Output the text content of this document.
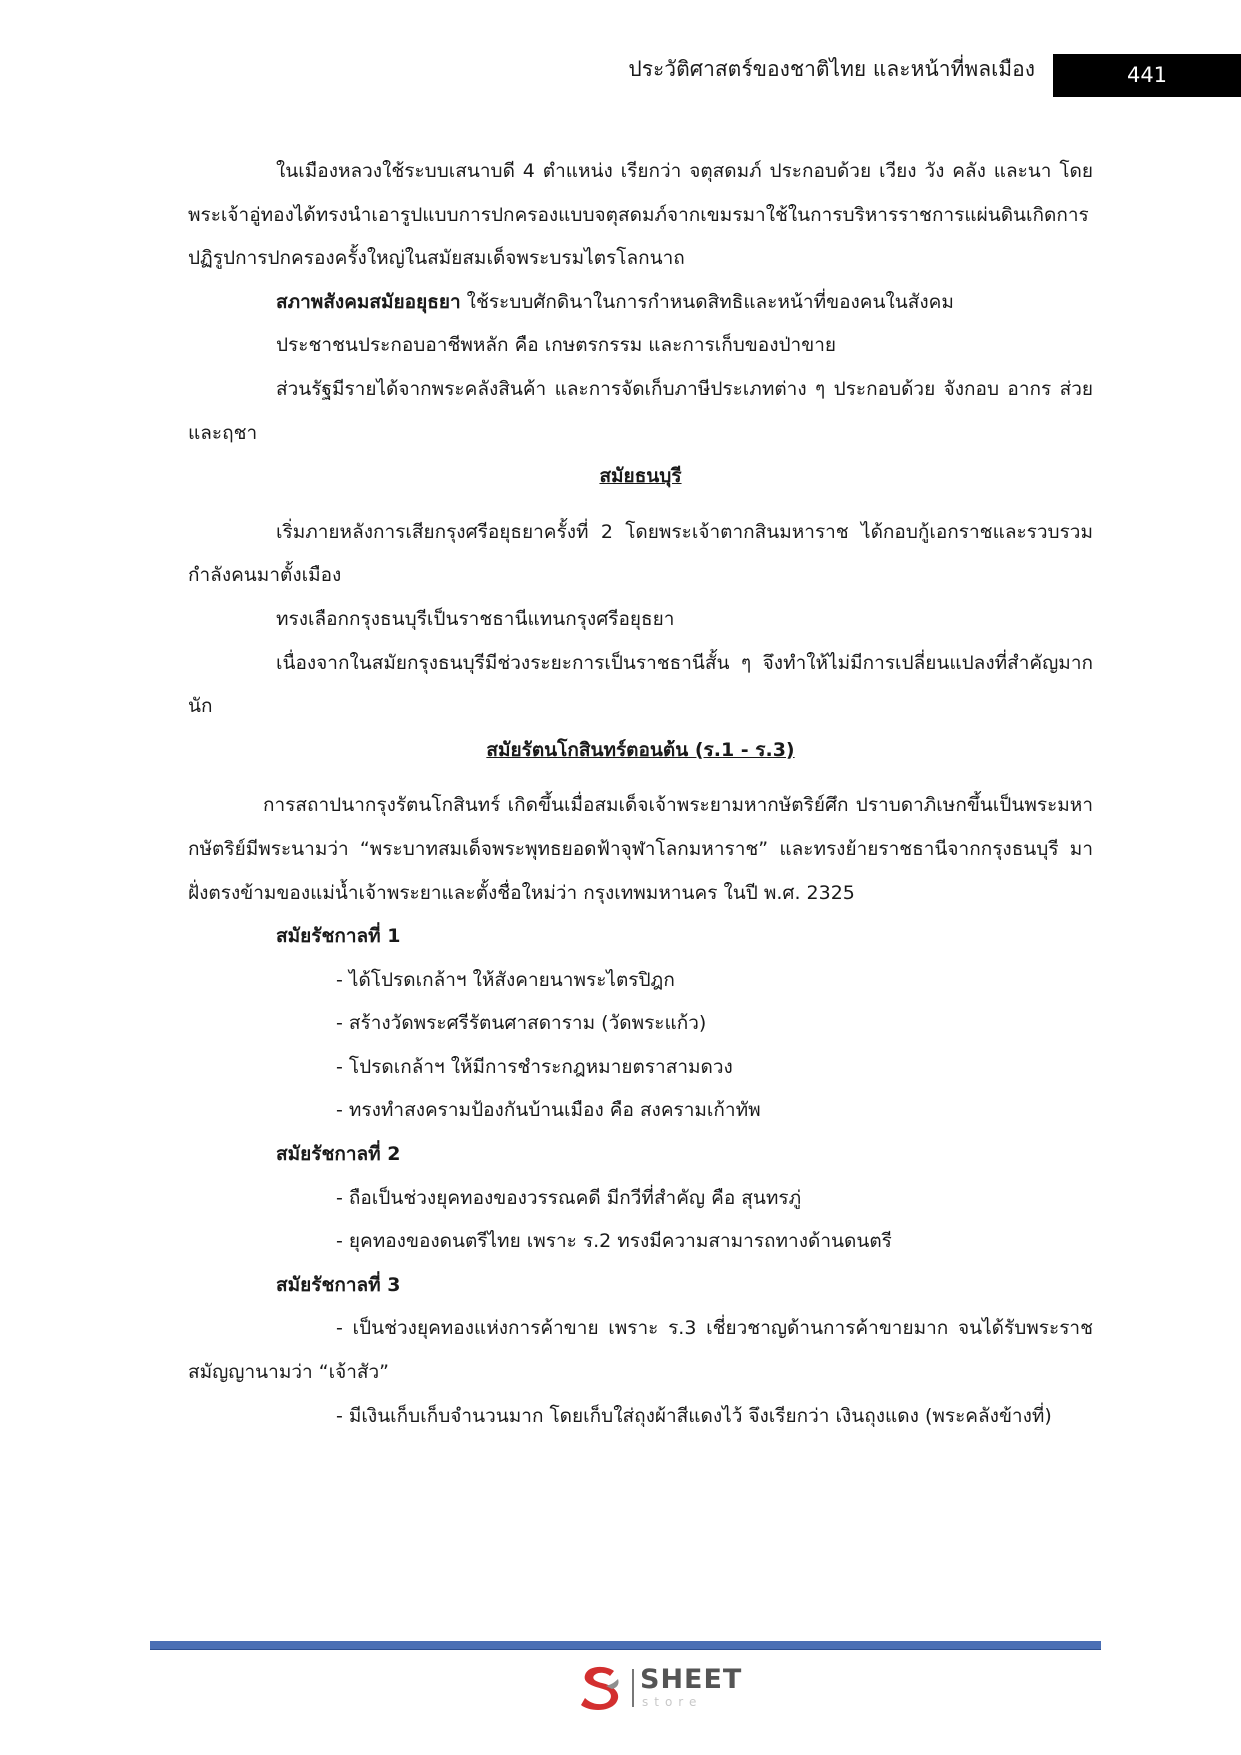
ประวัติศาสตร์ของชาติไทย และหน้าที่พลเมือง	441

ในเมืองหลวงใช้ระบบเสนาบดี 4 ตำแหน่ง เรียกว่า จตุสดมภ์ ประกอบด้วย เวียง วัง คลัง และนา โดยพระเจ้าอู่ทองได้ทรงนำเอารูปแบบการปกครองแบบจตุสดมภ์จากเขมรมาใช้ในการบริหารราชการแผ่นดินเกิดการปฏิรูปการปกครองครั้งใหญ่ในสมัยสมเด็จพระบรมไตรโลกนาถ

สภาพสังคมสมัยอยุธยา ใช้ระบบศักดินาในการกำหนดสิทธิและหน้าที่ของคนในสังคม

ประชาชนประกอบอาชีพหลัก คือ เกษตรกรรม และการเก็บของป่าขาย

ส่วนรัฐมีรายได้จากพระคลังสินค้า และการจัดเก็บภาษีประเภทต่าง ๆ ประกอบด้วย จังกอบ อากร ส่วย และฤชา

สมัยธนบุรี

เริ่มภายหลังการเสียกรุงศรีอยุธยาครั้งที่ 2 โดยพระเจ้าตากสินมหาราช ได้กอบกู้เอกราชและรวบรวมกำลังคนมาตั้งเมือง

ทรงเลือกกรุงธนบุรีเป็นราชธานีแทนกรุงศรีอยุธยา

เนื่องจากในสมัยกรุงธนบุรีมีช่วงระยะการเป็นราชธานีสั้น ๆ จึงทำให้ไม่มีการเปลี่ยนแปลงที่สำคัญมากนัก

สมัยรัตนโกสินทร์ตอนต้น (ร.1 - ร.3)

การสถาปนากรุงรัตนโกสินทร์ เกิดขึ้นเมื่อสมเด็จเจ้าพระยามหากษัตริย์ศึก ปราบดาภิเษกขึ้นเป็นพระมหากษัตริย์มีพระนามว่า “พระบาทสมเด็จพระพุทธยอดฟ้าจุฬาโลกมหาราช” และทรงย้ายราชธานีจากกรุงธนบุรี มาฝั่งตรงข้ามของแม่น้ำเจ้าพระยาและตั้งชื่อใหม่ว่า กรุงเทพมหานคร ในปี พ.ศ. 2325

สมัยรัชกาลที่ 1

- ได้โปรดเกล้าฯ ให้สังคายนาพระไตรปิฎก

- สร้างวัดพระศรีรัตนศาสดาราม (วัดพระแก้ว)

- โปรดเกล้าฯ ให้มีการชำระกฎหมายตราสามดวง

- ทรงทำสงครามป้องกันบ้านเมือง คือ สงครามเก้าทัพ

สมัยรัชกาลที่ 2

- ถือเป็นช่วงยุคทองของวรรณคดี มีกวีที่สำคัญ คือ สุนทรภู่

- ยุคทองของดนตรีไทย เพราะ ร.2 ทรงมีความสามารถทางด้านดนตรี

สมัยรัชกาลที่ 3

- เป็นช่วงยุคทองแห่งการค้าขาย เพราะ ร.3 เชี่ยวชาญด้านการค้าขายมาก จนได้รับพระราชสมัญญานามว่า “เจ้าสัว”

- มีเงินเก็บเก็บจำนวนมาก โดยเก็บใส่ถุงผ้าสีแดงไว้ จึงเรียกว่า เงินถุงแดง (พระคลังข้างที่)

SHEET
store
